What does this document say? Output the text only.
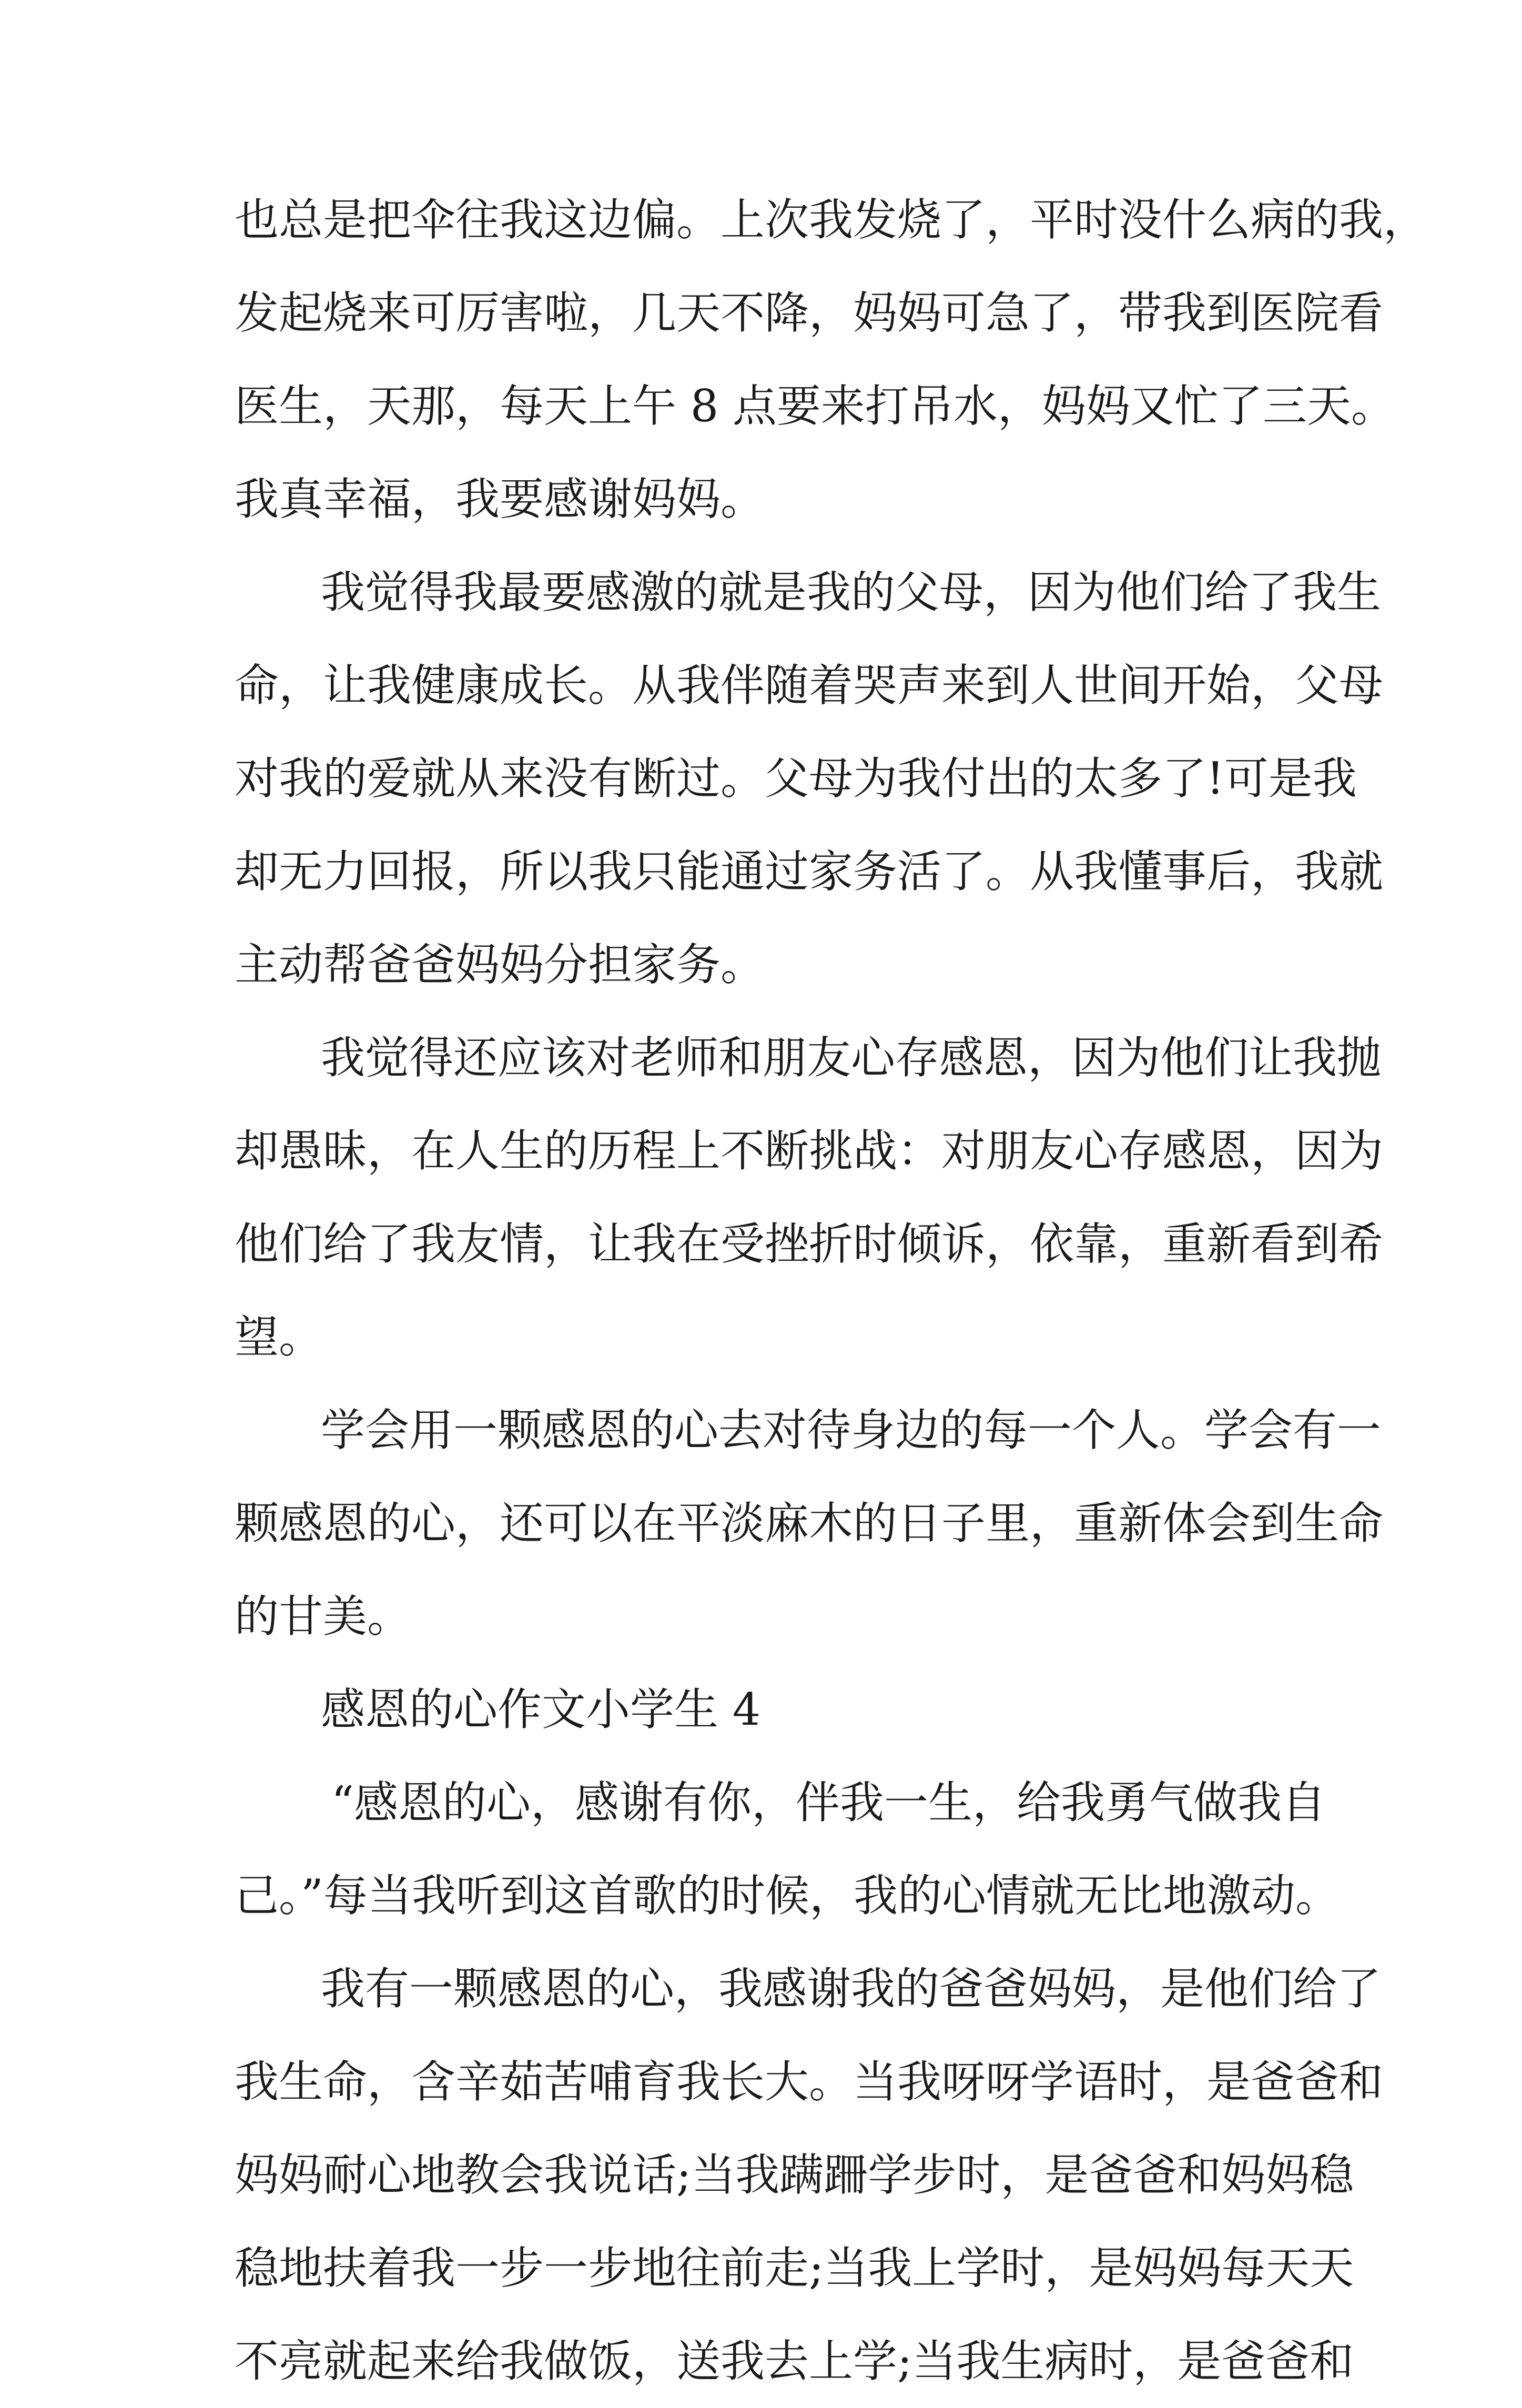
也总是把伞往我这边偏。上次我发烧了，平时没什么病的我，
发起烧来可厉害啦，几天不降，妈妈可急了，带我到医院看
医生，天那，每天上午 8 点要来打吊水，妈妈又忙了三天。
我真幸福，我要感谢妈妈。
我觉得我最要感激的就是我的父母，因为他们给了我生
命，让我健康成长。从我伴随着哭声来到人世间开始，父母
对我的爱就从来没有断过。父母为我付出的太多了!可是我
却无力回报，所以我只能通过家务活了。从我懂事后，我就
主动帮爸爸妈妈分担家务。
我觉得还应该对老师和朋友心存感恩，因为他们让我抛
却愚昧，在人生的历程上不断挑战：对朋友心存感恩，因为
他们给了我友情，让我在受挫折时倾诉，依靠，重新看到希
望。
学会用一颗感恩的心去对待身边的每一个人。学会有一
颗感恩的心，还可以在平淡麻木的日子里，重新体会到生命
的甘美。
感恩的心作文小学生 4
“感恩的心，感谢有你，伴我一生，给我勇气做我自
己。”每当我听到这首歌的时候，我的心情就无比地激动。
我有一颗感恩的心，我感谢我的爸爸妈妈，是他们给了
我生命，含辛茹苦哺育我长大。当我呀呀学语时，是爸爸和
妈妈耐心地教会我说话;当我蹒跚学步时，是爸爸和妈妈稳
稳地扶着我一步一步地往前走;当我上学时，是妈妈每天天
不亮就起来给我做饭，送我去上学;当我生病时，是爸爸和
